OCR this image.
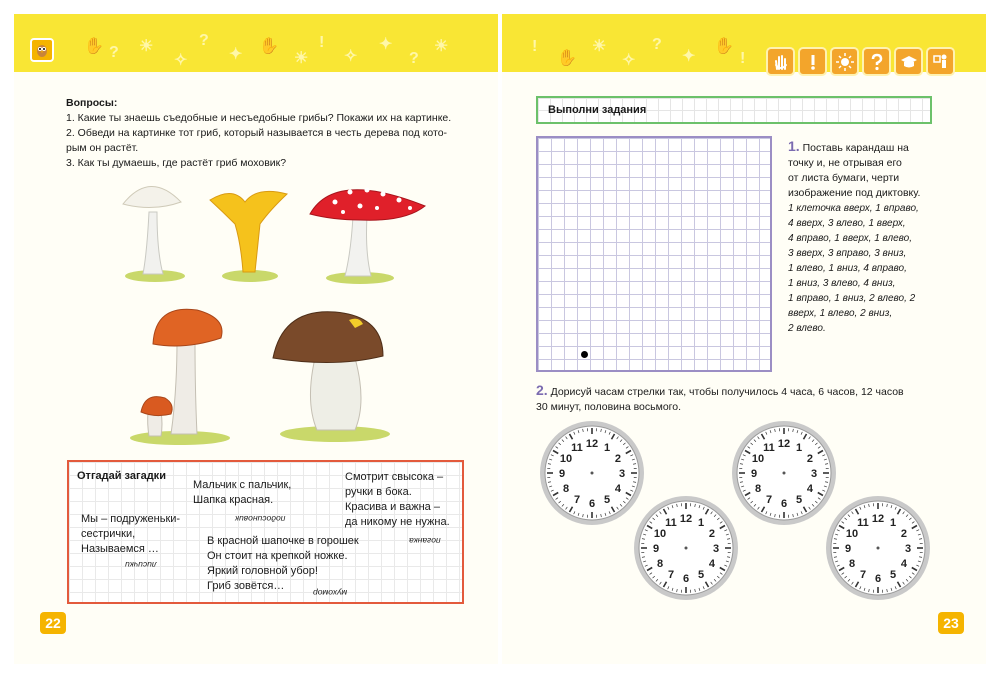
✋ ? ☀
✧
?
✦ ✋
☀
!
✧
✦
?
☀	!
✋
☀
✧
?
✦
✋
!
Вопросы:
1. Какие ты знаешь съедобные и несъедобные грибы? Покажи их на картинке.
2. Обведи на картинке тот гриб, который называется в честь дерева под кото-
рым он растёт.
3. Как ты думаешь, где растёт гриб моховик?
Отгадай загадки
Мы – подруженьки-
сестрички,
Называемся …
лисички
Мальчик с пальчик,
Шапка красная.
подосиновик
Смотрит свысока –
ручки в бока.
Красива и важна –
да никому не нужна.
поганка
В красной шапочке в горошек
Он стоит на крепкой ножке.
Яркий головной убор!
Гриб зовётся…
мухомор
22
Выполни задания
1. Поставь карандаш на
точку и, не отрывая его
от листа бумаги, черти
изображение под диктовку.
1 клеточка вверх, 1 вправо,
4 вверх, 3 влево, 1 вверх,
4 вправо, 1 вверх, 1 влево,
3 вверх, 3 вправо, 3 вниз,
1 влево, 1 вниз, 4 вправо,
1 вниз, 3 влево, 4 вниз,
1 вправо, 1 вниз, 2 влево, 2
вверх, 1 влево, 2 вниз,
2 влево.
2. Дорисуй часам стрелки так, чтобы получилось 4 часа, 6 часов, 12 часов
30 минут, половина восьмого.
12 1
2
3
4
5
6
7
8
9
10
11
12 1
2
3
4
5
6
7
8
9
10
11
12 1
2
3
4
5
6
7
8
9
10
11
12 1
2
3
4
5
6
7
8
9
10
11
23
